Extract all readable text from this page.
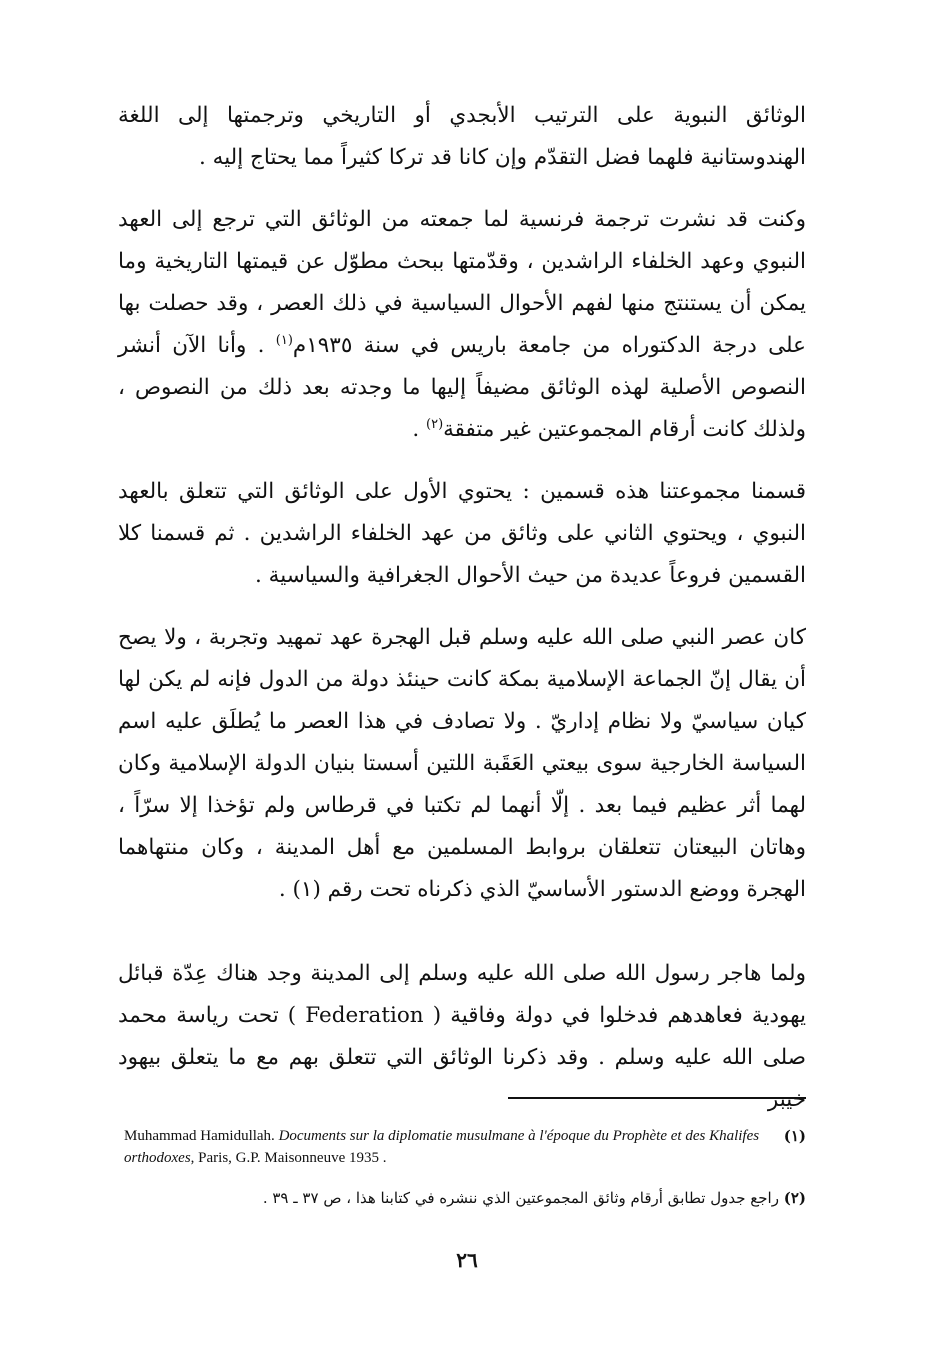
الوثائق النبوية على الترتيب الأبجدي أو التاريخي وترجمتها إلى اللغة الهندوستانية فلهما فضل التقدّم وإن كانا قد تركا كثيراً مما يحتاج إليه .

وكنت قد نشرت ترجمة فرنسية لما جمعته من الوثائق التي ترجع إلى العهد النبوي وعهد الخلفاء الراشدين ، وقدّمتها ببحث مطوّل عن قيمتها التاريخية وما يمكن أن يستنتج منها لفهم الأحوال السياسية في ذلك العصر ، وقد حصلت بها على درجة الدكتوراه من جامعة باريس في سنة ١٩٣٥م$^{(١)}$ . وأنا الآن أنشر النصوص الأصلية لهذه الوثائق مضيفاً إليها ما وجدته بعد ذلك من النصوص ، ولذلك كانت أرقام المجموعتين غير متفقة$^{(٢)}$ .

قسمنا مجموعتنا هذه قسمين : يحتوي الأول على الوثائق التي تتعلق بالعهد النبوي ، ويحتوي الثاني على وثائق من عهد الخلفاء الراشدين . ثم قسمنا كلا القسمين فروعاً عديدة من حيث الأحوال الجغرافية والسياسية .

كان عصر النبي صلى الله عليه وسلم قبل الهجرة عهد تمهيد وتجربة ، ولا يصح أن يقال إنّ الجماعة الإسلامية بمكة كانت حينئذ دولة من الدول فإنه لم يكن لها كيان سياسيّ ولا نظام إداريّ . ولا تصادف في هذا العصر ما يُطلَق عليه اسم السياسة الخارجية سوى بيعتي العَقَبة اللتين أسستا بنيان الدولة الإسلامية وكان لهما أثر عظيم فيما بعد . إلّا أنهما لم تكتبا في قرطاس ولم تؤخذا إلا سرّاً ، وهاتان البيعتان تتعلقان بروابط المسلمين مع أهل المدينة ، وكان منتهاهما الهجرة ووضع الدستور الأساسيّ الذي ذكرناه تحت رقم (١) .

ولما هاجر رسول الله صلى الله عليه وسلم إلى المدينة وجد هناك عِدّة قبائل يهودية فعاهدهم فدخلوا في دولة وفاقية ( Federation ) تحت رياسة محمد صلى الله عليه وسلم . وقد ذكرنا الوثائق التي تتعلق بهم مع ما يتعلق بيهود خيبر

(١)
Muhammad Hamidullah. Documents sur la diplomatie musulmane à l'époque du Prophète et des Khalifes orthodoxes, Paris, G.P. Maisonneuve 1935 .
(٢) راجع جدول تطابق أرقام وثائق المجموعتين الذي ننشره في كتابنا هذا ، ص ٣٧ ـ ٣٩ .
٢٦
